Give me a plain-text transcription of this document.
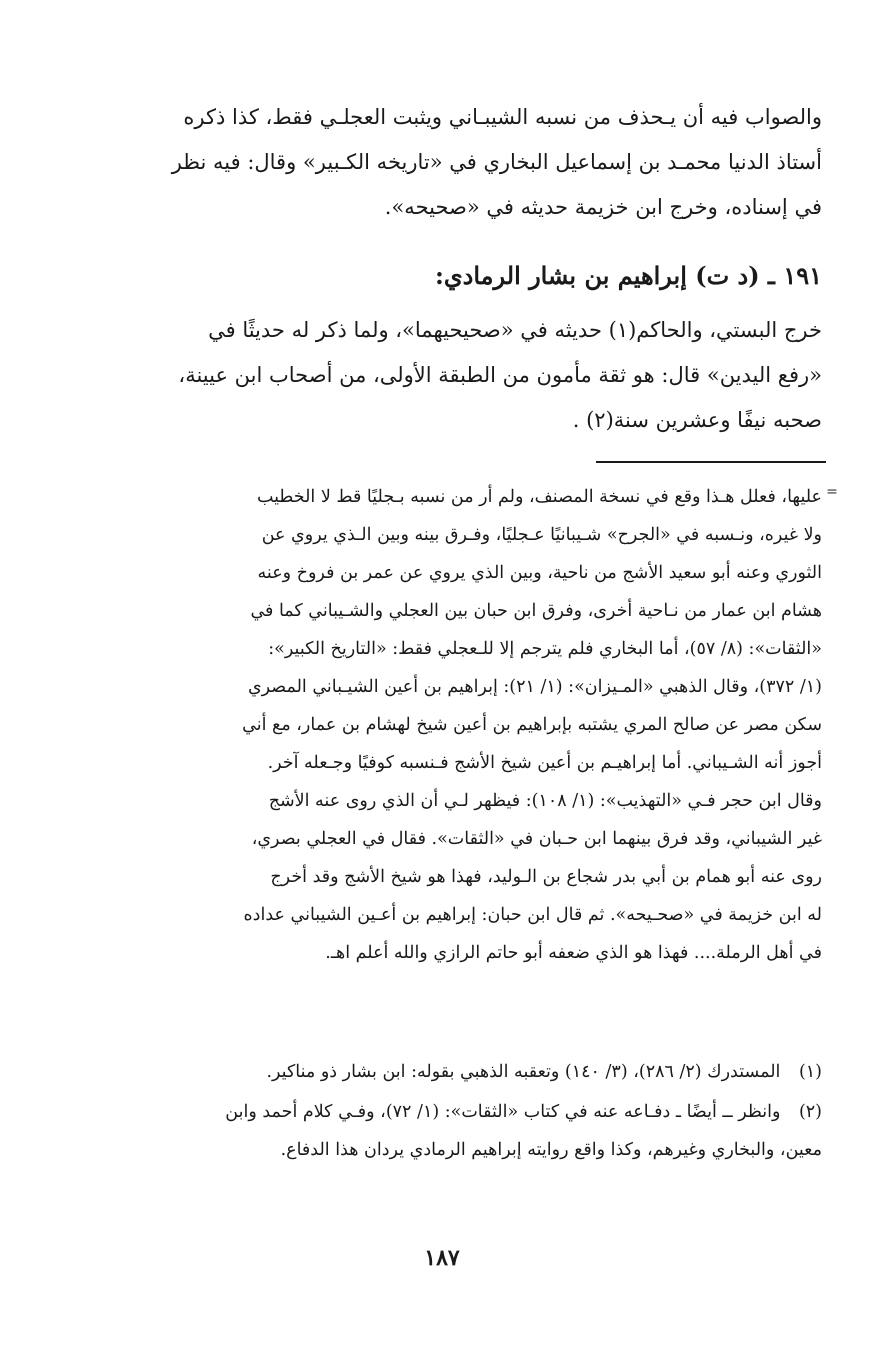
والصواب فيه أن يـحذف من نسبه الشيبـاني ويثبت العجلـي فقط، كذا ذكره
أستاذ الدنيا محمـد بن إسماعيل البخاري في «تاريخه الكـبير» وقال: فيه نظر
في إسناده، وخرج ابن خزيمة حديثه في «صحيحه».
١٩١ ـ (د ت) إبراهيم بن بشار الرمادي:
خرج البستي، والحاكم(١) حديثه في «صحيحيهما»، ولما ذكر له حديثًا في
«رفع اليدين» قال: هو ثقة مأمون من الطبقة الأولى، من أصحاب ابن عيينة،
صحبه نيفًا وعشرين سنة(٢) .
=
عليها، فعلل هـذا وقع في نسخة المصنف، ولم أر من نسبه بـجليًا قط لا الخطيب
ولا غيره، ونـسبه في «الجرح» شـيبانيًا عـجليًا، وفـرق بينه وبين الـذي يروي عن
الثوري وعنه أبو سعيد الأشج من ناحية، وبين الذي يروي عن عمر بن فروخ وعنه
هشام ابن عمار من نـاحية أخرى، وفرق ابن حبان بين العجلي والشـيباني كما في
«الثقات»: (٨/ ٥٧)، أما البخاري فلم يترجم إلا للـعجلي فقط: «التاريخ الكبير»:
(١/ ٣٧٢)، وقال الذهبي «المـيزان»: (١/ ٢١): إبراهيم بن أعين الشيـباني المصري
سكن مصر عن صالح المري يشتبه بإبراهيم بن أعين شيخ لهشام بن عمار، مع أني
أجوز أنه الشـيباني. أما إبراهيـم بن أعين شيخ الأشج فـنسبه كوفيًا وجـعله آخر.
وقال ابن حجر فـي «التهذيب»: (١/ ١٠٨): فيظهر لـي أن الذي روى عنه الأشج
غير الشيباني، وقد فرق بينهما ابن حـبان في «الثقات». فقال في العجلي بصري،
روى عنه أبو همام بن أبي بدر شجاع بن الـوليد، فهذا هو شيخ الأشج وقد أخرج
له ابن خزيمة في «صحـيحه». ثم قال ابن حبان: إبراهيم بن أعـين الشيباني عداده
في أهل الرملة.... فهذا هو الذي ضعفه أبو حاتم الرازي والله أعلم اهـ.
(١) المستدرك (٢/ ٢٨٦)، (٣/ ١٤٠) وتعقبه الذهبي بقوله: ابن بشار ذو مناكير.
(٢) وانظر ــ أيضًا ـ دفـاعه عنه في كتاب «الثقات»: (١/ ٧٢)، وفـي كلام أحمد وابن
معين، والبخاري وغيرهم، وكذا واقع روايته إبراهيم الرمادي يردان هذا الدفاع.
١٨٧
